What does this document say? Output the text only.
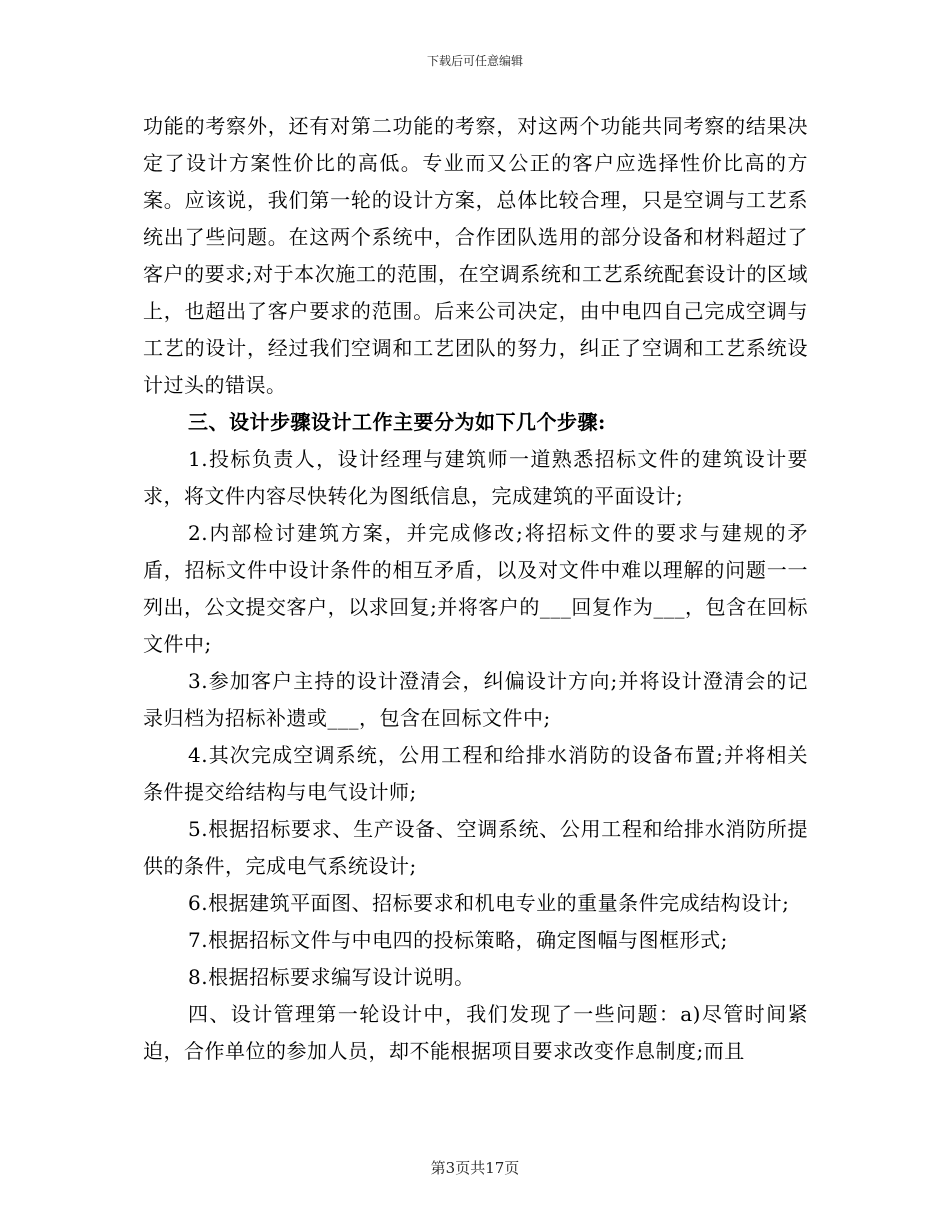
下载后可任意编辑

功能的考察外，还有对第二功能的考察，对这两个功能共同考察的结果决定了设计方案性价比的高低。专业而又公正的客户应选择性价比高的方案。应该说，我们第一轮的设计方案，总体比较合理，只是空调与工艺系统出了些问题。在这两个系统中，合作团队选用的部分设备和材料超过了客户的要求;对于本次施工的范围，在空调系统和工艺系统配套设计的区域上，也超出了客户要求的范围。后来公司决定，由中电四自己完成空调与工艺的设计，经过我们空调和工艺团队的努力，纠正了空调和工艺系统设计过头的错误。

三、设计步骤设计工作主要分为如下几个步骤:

1.投标负责人，设计经理与建筑师一道熟悉招标文件的建筑设计要求，将文件内容尽快转化为图纸信息，完成建筑的平面设计;

2.内部检讨建筑方案，并完成修改;将招标文件的要求与建规的矛盾，招标文件中设计条件的相互矛盾，以及对文件中难以理解的问题一一列出，公文提交客户，以求回复;并将客户的___回复作为___，包含在回标文件中;

3.参加客户主持的设计澄清会，纠偏设计方向;并将设计澄清会的记录归档为招标补遗或___，包含在回标文件中;

4.其次完成空调系统，公用工程和给排水消防的设备布置;并将相关条件提交给结构与电气设计师;

5.根据招标要求、生产设备、空调系统、公用工程和给排水消防所提供的条件，完成电气系统设计;

6.根据建筑平面图、招标要求和机电专业的重量条件完成结构设计;

7.根据招标文件与中电四的投标策略，确定图幅与图框形式;

8.根据招标要求编写设计说明。

四、设计管理第一轮设计中，我们发现了一些问题：a)尽管时间紧迫，合作单位的参加人员，却不能根据项目要求改变作息制度;而且

第3页共17页
